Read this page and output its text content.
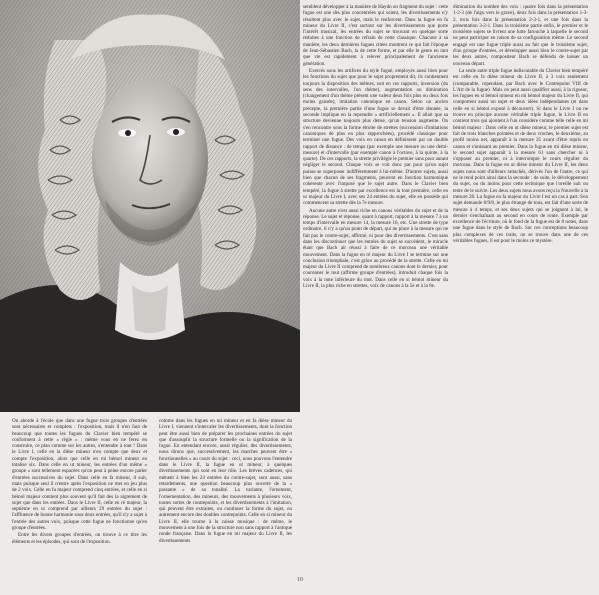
On aborde à l'école que dans une fugue trois groupes d'entrées sont nécessaires et complets : l'exposition, mais il n'en faut de beaucoup que toutes les fugues du Clavier bien tempéré se conforment à cette « règle » : même vous en ne ferez en construire, ce plan comme sur les autres, s'entendre à tout ! Dans le Livre I, celle en la dièse mineur n'en compte que deux et compte l'exposition, alors que celle en mi bémol mineur en totalise six. Dans celle en ut mineur, les entrées d'un même « groupe » sont tellement espacées qu'on peut à peine encore parler d'entrées successives du sujet. Dans celle en fa mineur, il suit, mais puisque seul il n'entre après l'exposition ne met en jeu plus de 2 voix. Celle en fa majeur comprend cinq entrées, et celle en si bémol majeur contient plus souvent qu'il fait des la aigrement de sujet que dans les entrées. Dans le Livre II, celle en ré majeur, la septième en ut comprend par ailleurs 29 entrées du sujet : l'affluence de bonne harmonie sous deux entrées, qu'il n'y a sujet à l'entrée des autres voix, puisque cette fugue ne fonctionne qu'en groupe d'entrées.

Entre les divers groupes d'entrées, on trouve à ce titre les éléments et les épisodes, qui sont de l'exposition.

comme dans les fugues en mi mineur et en fa dièse mineur du Livre I, viennent s'intercaler les divertissements, dont la fonction peut être aussi bien de préparer les prochaines entrées du sujet que d'assouplir la structure formelle ou la signification de la fugue. En entendant encore, aussi régulier, des divertissements, nous dirons que, successivement, les marches peuvent être « fonctionnelles » au cours du sujet : ceci, nous pouvons l'entendre dans le Livre II, la fugue en ut mineur, à quelques divertissements qui sont en leur rôle. Les brèves cadences, qui mènent à bien les 24 entrées du contre-sujet, sont aussi, sans retardements, une question beaucoup plus ouverte de la « passante » de sa tonalité. La variante, l'ornement, l'ornementation, des mineurs, des mouvements à plusieurs voix, toutes sortes de contrepoints, et les divertissements à l'imitation, qui peuvent être extraites, ou continuer la forme du sujet, ou autrement encore des doubles contrepoints. Celle en si mineur du Livre II, elle tourne à la caisse musique : de même, le mouvement à une fois de la structure non sans rapport à l'antique ronde française. Dans la fugue en mi majeur du Livre II, les divertissements

semblent développer à la manière de Haydn un fragment du sujet : cette fugue est une des plus concentrées qui soient, les divertissements n'y résultent plus avec le sujet, mais le renforcent. Dans la fugue en fa mineur du Livre II, c'est surtout sur les divertissements que porte l'intérêt musical, les entrées du sujet se trouvant en quelque sorte réduites à une fonction de refrain de cette classique. Chacune à sa manière, les deux dernières fugues citées montrent ce qui fait l'époque de Jean-Sébastien Bach, la de cette forme, et par elle le genre en tant que vie est rapidement à relever principalement de l'ancienne génération.

Exercés sous les artifices du style fugué, employés aussi bien pour les fonctions du sujet que pour le sujet proprement dit, ils contiennent toujours la disposition des mêmes, soit en ces rapports, inversion (du sens des intervalles, l'un thème), augmentation ou diminution (changement d'un thème présent une valeur deux fois plus ou deux fois moins grande), imitation canonique en canon. Selon un ancien précepte, la première partie d'une fugue se devait d'être donnée, la seconde implique en la reprendre « artificiellement ». Il allait que sa structure devienne toujours plus dense, qu'un tension augmente. On s'en rencontre sous la forme étroite de strettes (succession d'imitations canoniques de plus en plus rapprochées), procédé classique pour terminer une fugue. Des voix en canon en définissent par un double rapport de distance : de temps (par exemple une mesure ou une demi-mesure) et d'intervalle (par exemple canon à l'octave, à la quinte, à la quarte). De ces rapports, la strette privilégie le premier sans pour autant négliger le second. Chaque voix se voit donc par pour qu'un sujet puisse se superposer indifféremment à lui-même. D'autres sujets, aussi bien que chacun de ses fragments, peuvent en fonction harmonique cohérente avec l'imposé que le sujet autre. Dans le Clavier bien tempéré, la fugue à strette par excellence est la tout première, celle en ut majeur du Livre I, avec ses 24 entrées du sujet, elle en possède qui commencent sa strette dès la 7e mesure.

Aucune autre n'est aussi riche en canons véritables du sujet et de la réponse. Le sujet et réponse, quant à rapport, rapport à la mesure 7 à un temps d'intervalle en mesure 14, la mesure 16, etc. Une strette de type ordinaire, il n'y a qu'un point de départ, qui ne place à la mesure qui ne fait pas le contre-sujet, affirmé, ni pour des divertissements. C'est sans dans les discontinuer que les entrées du sujet se succèdent, le miracle étant que Bach ait réussi à faire de ce morceau une véritable mouvement. Dans la fugue en ré majeur du Livre I se termine sur une conclusion triomphale, c'est grâce au procédé de la strette. Celle en mi majeur du Livre II comprend de nombreux canons dont le dernier, pour couronner le tout (affirme groupe d'entrées), introduit chaque fois la voix à la note inférieure du mot. Dans celle en si bémol mineur du Livre II, la plus riche en strettes, voix de canons à la 5e et à la 8e.

diminution du nombre des voix : quatre fois dans la présentation 1-2-3 (de l'aigu vers le grave), deux fois dans la présentation 1-3-2, trois fois dans la présentation 2-3-1, et une fois dans la présentation 3-2-1. Dans la troisième partie enfin, le premier et le troisième sujets se livrent une lutte farouche à laquelle le second ne peut participer en raison de sa configuration même. Le second engagé est une fugue triple aussi au fait que le troisième sujet, d'un groupe d'entrées, et développer aussi bien le contre-sujet par les deux autres, compositeur Bach se défendu de laisser un nouveau départ.

La seule autre triple fugue indiscutable du Clavier bien tempéré est celle en fa dièse mineur du Livre II, à 3 voix seulement (comparable, cependant, par Bach avec le Contrepoint VIII de L'Art de la fugue). Mais on peut aussi qualifier aussi, à la rigueur, les fugues en si bémol mineur en mi bémol majeur du Livre II, qui comportent aussi un sujet et deux idées indépendantes (et dans celle en si bémol exposé à découvert). Si dans le Livre I on ne trouve en principe aucune véritable triple fugue, le Livre II en contient trois qui ajoutent à l'un considère comme telle celle en mi bémol majeur : Dans celle en ut dièse mineur, le premier sujet est fait de trois blanches pointées et de deux croches, le deuxième, au profil moins net, apparaît à la mesure 35 avant d'être repris en canon et s'unissant au premier. Dans la fugue en mi dièse mineur, le second sujet apparaît à la mesure 61 sans chercher ni à s'opposer au premier, ni à interrompre le cours régulier du morceau. Dans la fugue en ut dièse mineur du Livre II, les deux sujets nous sont d'ailleurs rattachés, dérivés l'un de l'autre, ce qui ne le rend point ainsi dans la seconde : de suite, le développement du sujet, ou du moins pour cette technique que l'oreille suit ou tente de le suivre. Les deux sujets nous avons reçu la Nouvelle à la mesure 28. La fugue en fa majeur du Livre I est un cas à part. Son sujet demande 8/9/8, le plus étrange de tous, est fait d'une sorte de mesure à 4 temps, et ses deux sujets qui se joignent à lui, le dernier s'enchaînant au second en cours de route. Exemple par excellence de l'écriture, où le fond de la fugue est de 8 notes, dans une fugue dans le style de Bach. Sur ces conceptions beaucoup plus complexes de ces traits, on se trouve dans une de ces véritables fugues, il est pour le moins ce mystère.

10
